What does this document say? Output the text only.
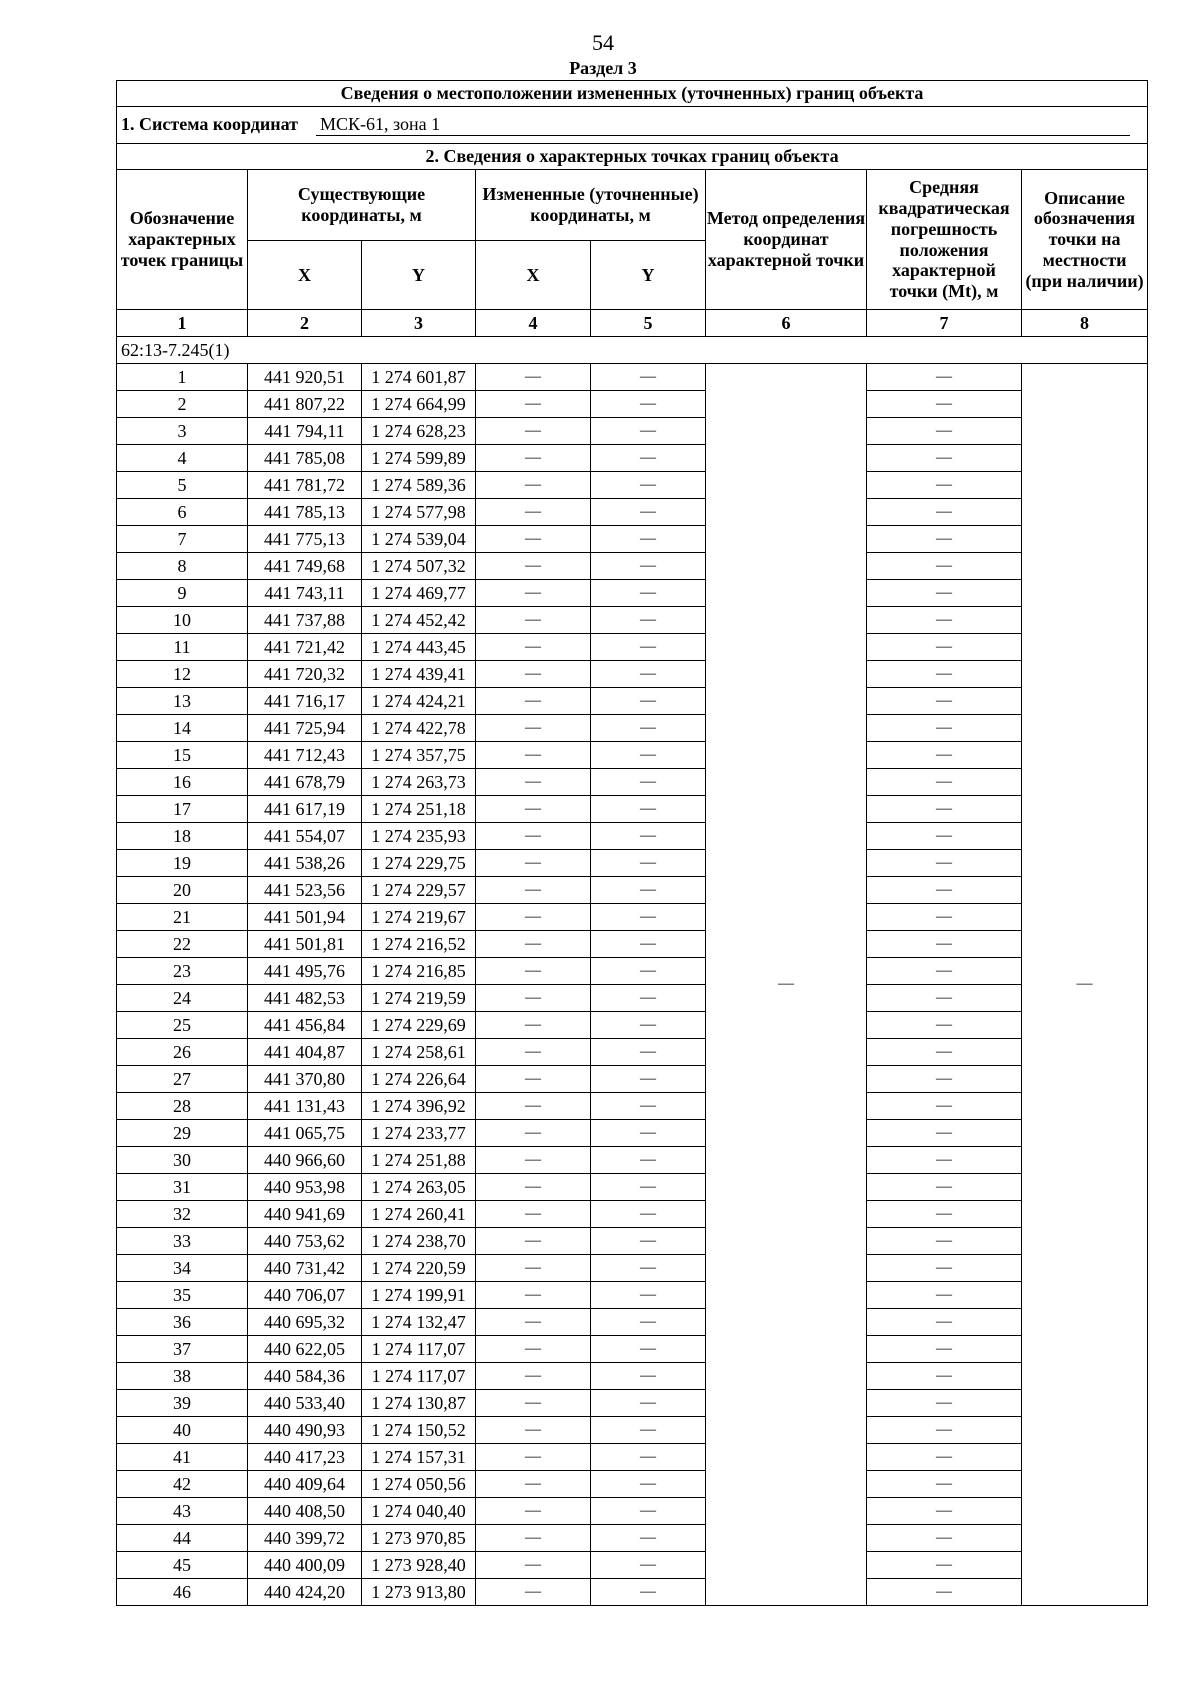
54
Раздел 3
Сведения о местоположении измененных (уточненных) границ объекта							
1. Система координат МСК-61, зона 1							
2. Сведения о характерных точках границ объекта							
Обозначение характерных точек границы	Существующие координаты, м		Измененные (уточненные) координаты, м		Метод определения координат характерной точки	Средняя квадратическая погрешность положения характерной точки (Mt), м	Описание обозначения точки на местности (при наличии)
	X	Y	X	Y			
1	2	3	4	5	6	7	8
62:13-7.245(1)							
1	441 920,51	1 274 601,87	—	—	—	—	—
2	441 807,22	1 274 664,99	—	—		—	
3	441 794,11	1 274 628,23	—	—		—	
4	441 785,08	1 274 599,89	—	—		—	
5	441 781,72	1 274 589,36	—	—		—	
6	441 785,13	1 274 577,98	—	—		—	
7	441 775,13	1 274 539,04	—	—		—	
8	441 749,68	1 274 507,32	—	—		—	
9	441 743,11	1 274 469,77	—	—		—	
10	441 737,88	1 274 452,42	—	—		—	
11	441 721,42	1 274 443,45	—	—		—	
12	441 720,32	1 274 439,41	—	—		—	
13	441 716,17	1 274 424,21	—	—		—	
14	441 725,94	1 274 422,78	—	—		—	
15	441 712,43	1 274 357,75	—	—		—	
16	441 678,79	1 274 263,73	—	—		—	
17	441 617,19	1 274 251,18	—	—		—	
18	441 554,07	1 274 235,93	—	—		—	
19	441 538,26	1 274 229,75	—	—		—	
20	441 523,56	1 274 229,57	—	—		—	
21	441 501,94	1 274 219,67	—	—		—	
22	441 501,81	1 274 216,52	—	—		—	
23	441 495,76	1 274 216,85	—	—		—	
24	441 482,53	1 274 219,59	—	—		—	
25	441 456,84	1 274 229,69	—	—		—	
26	441 404,87	1 274 258,61	—	—		—	
27	441 370,80	1 274 226,64	—	—		—	
28	441 131,43	1 274 396,92	—	—		—	
29	441 065,75	1 274 233,77	—	—		—	
30	440 966,60	1 274 251,88	—	—		—	
31	440 953,98	1 274 263,05	—	—		—	
32	440 941,69	1 274 260,41	—	—		—	
33	440 753,62	1 274 238,70	—	—		—	
34	440 731,42	1 274 220,59	—	—		—	
35	440 706,07	1 274 199,91	—	—		—	
36	440 695,32	1 274 132,47	—	—		—	
37	440 622,05	1 274 117,07	—	—		—	
38	440 584,36	1 274 117,07	—	—		—	
39	440 533,40	1 274 130,87	—	—		—	
40	440 490,93	1 274 150,52	—	—		—	
41	440 417,23	1 274 157,31	—	—		—	
42	440 409,64	1 274 050,56	—	—		—	
43	440 408,50	1 274 040,40	—	—		—	
44	440 399,72	1 273 970,85	—	—		—	
45	440 400,09	1 273 928,40	—	—		—	
46	440 424,20	1 273 913,80	—	—		—	
